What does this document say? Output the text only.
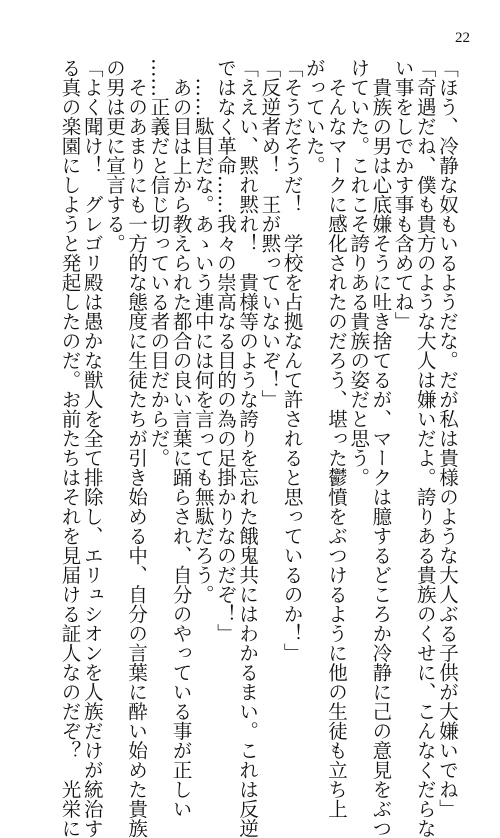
22
「ほう、冷静な奴もいるようだな。だが私は貴様のような大人ぶる子供が大嫌いでね」
「奇遇だね、僕も貴方のような大人は嫌いだよ。誇りある貴族のくせに、こんなくだらな
い事をしでかす事も含めてね」
　貴族の男は心底嫌そうに吐き捨てるが、マークは臆するどころか冷静に己の意見をぶつ
けていた。これこそ誇りある貴族の姿だと思う。
　そんなマークに感化されたのだろう、堪った鬱憤をぶつけるように他の生徒も立ち上
がっていた。
「そうだそうだ！　学校を占拠なんて許されると思っているのか！」
「反逆者め！　王が黙っていないぞ！」
「ええい、黙れ黙れ！　貴様等のような誇りを忘れた餓鬼共にはわかるまい。これは反逆
ではなく革命……我々の崇高なる目的の為の足掛かりなのだぞ！」
　……駄目だな。あゝいう連中には何を言っても無駄だろう。
　あの目は上から教えられた都合の良い言葉に踊らされ、自分のやっている事が正しい
……正義だと信じ切っている者の目だからだ。
　そのあまりにも一方的な態度に生徒たちが引き始める中、自分の言葉に酔い始めた貴族
の男は更に宣言する。
「よく聞け！　グレゴリ殿は愚かな獣人を全て排除し、エリュシオンを人族だけが統治す
る真の楽園にしようと発起したのだ。お前たちはそれを見届ける証人なのだぞ？　光栄に
